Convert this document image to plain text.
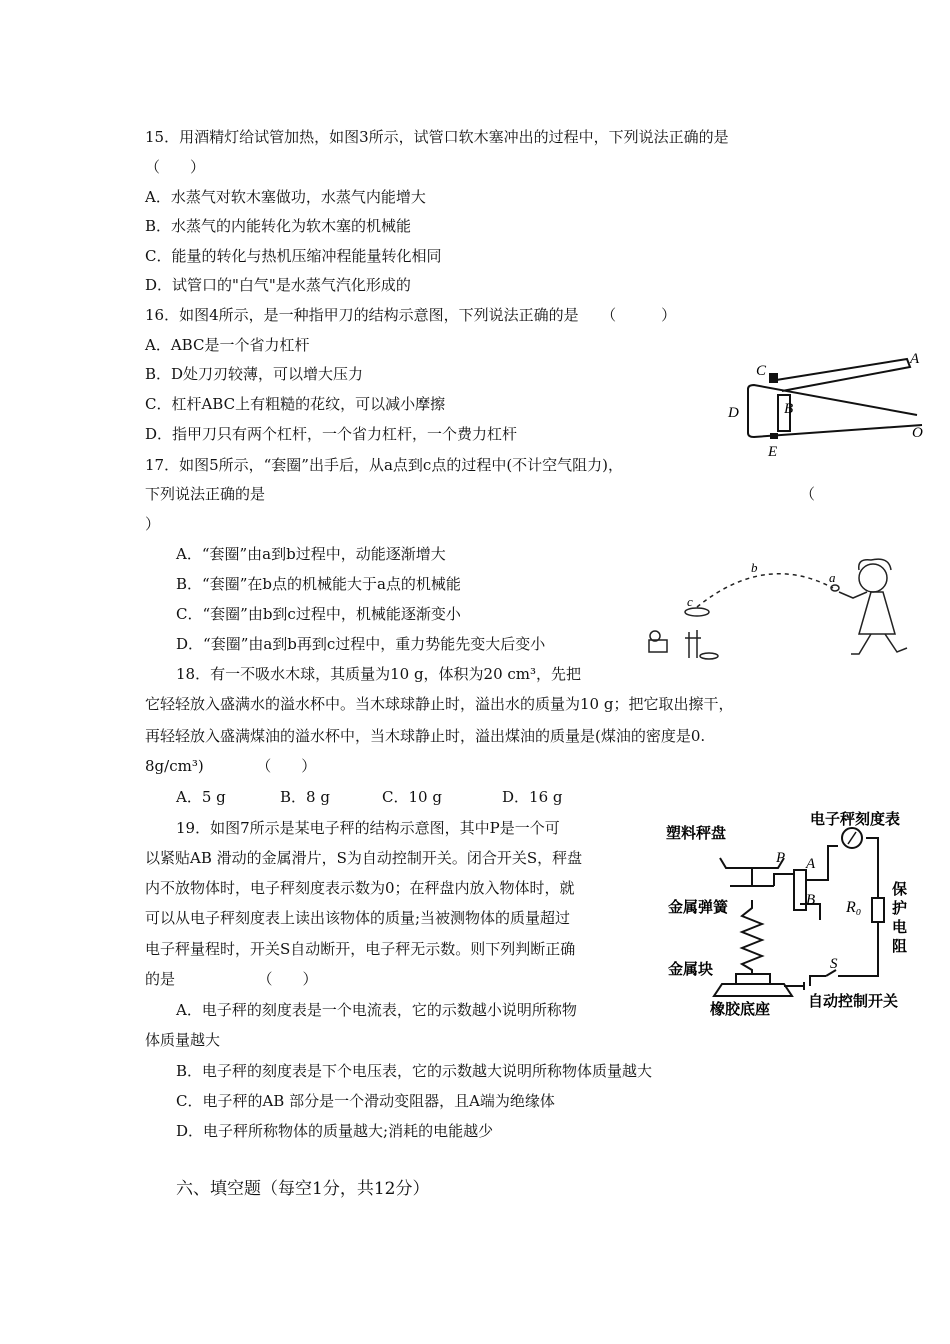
15．用酒精灯给试管加热，如图3所示，试管口软木塞冲出的过程中，下列说法正确的是
（　　）
A．水蒸气对软木塞做功，水蒸气内能增大
B．水蒸气的内能转化为软木塞的机械能
C．能量的转化与热机压缩冲程能量转化相同
D．试管口的"白气"是水蒸气汽化形成的
16．如图4所示，是一种指甲刀的结构示意图，下列说法正确的是　　（　　　）
A．ABC是一个省力杠杆
B．D处刀刃较薄，可以增大压力
C．杠杆ABC上有粗糙的花纹，可以减小摩擦
D．指甲刀只有两个杠杆，一个省力杠杆，一个费力杠杆
C
A
B
D
O
E
17．如图5所示，“套圈”出手后，从a点到c点的过程中(不计空气阻力)，
下列说法正确的是	（
）
A．“套圈”由a到b过程中，动能逐渐增大
B．“套圈”在b点的机械能大于a点的机械能
C．“套圈”由b到c过程中，机械能逐渐变小
D．“套圈”由a到b再到c过程中，重力势能先变大后变小
b
a
c
18．有一不吸水木球，其质量为10 g，体积为20 cm³，先把
它轻轻放入盛满水的溢水杯中。当木球球静止时，溢出水的质量为10 g；把它取出擦干，
再轻轻放入盛满煤油的溢水杯中，当木球静止时，溢出煤油的质量是(煤油的密度是0.
8g/cm³)　　　　（　　）
A．5 g	B．8 g	C．10 g	D．16 g
19．如图7所示是某电子秤的结构示意图，其中P是一个可
以紧贴AB 滑动的金属滑片，S为自动控制开关。闭合开关S，秤盘
内不放物体时，电子秤刻度表示数为0；在秤盘内放入物体时，就
可以从电子秤刻度表上读出该物体的质量;当被测物体的质量超过
电子秤量程时，开关S自动断开，电子秤无示数。则下列判断正确
的是　　　　　　（　　）
A．电子秤的刻度表是一个电流表，它的示数越小说明所称物
体质量越大
B．电子秤的刻度表是下个电压表，它的示数越大说明所称物体质量越大
C．电子秤的AB 部分是一个滑动变阻器，且A端为绝缘体
D．电子秤所称物体的质量越大;消耗的电能越少
塑料秤盘
电子秤刻度表
金属弹簧
金属块
橡胶底座	自动控制开关
R₀
P A
B
S
保护电阻
六、填空题（每空1分，共12分）
